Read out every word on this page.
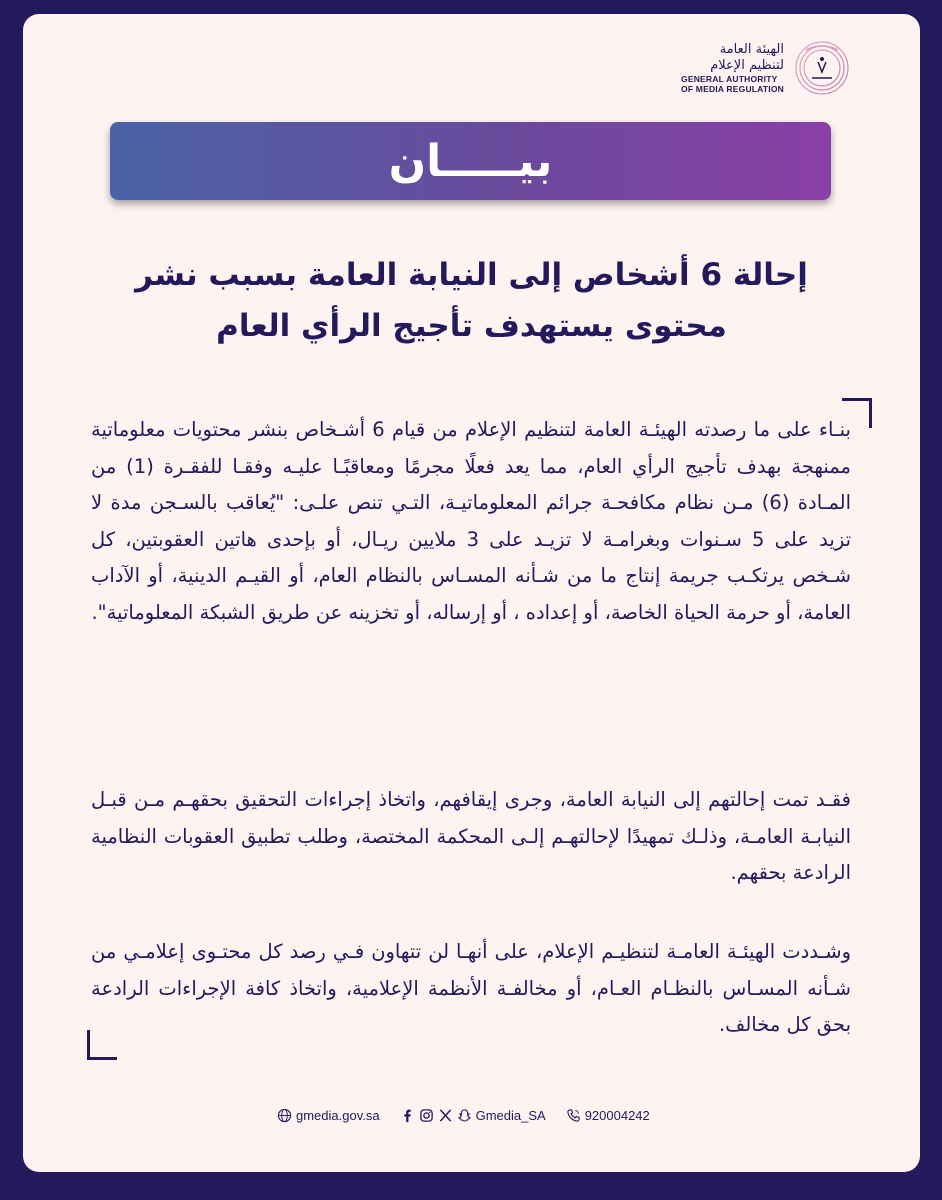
الهيئة العامة
لتنظيم الإعلام
GENERAL AUTHORITY
OF MEDIA REGULATION
بيـــــان
إحالة 6 أشخاص إلى النيابة العامة بسبب نشر
محتوى يستهدف تأجيج الرأي العام

بنـاء على ما رصدته الهيئـة العامة لتنظيم الإعلام من قيام 6 أشـخاص بنشر محتويات معلوماتية ممنهجة بهدف تأجيج الرأي العام، مما يعد فعلًا مجرمًا ومعاقبًـا عليـه وفقـا للفقـرة (1) من المـادة (6) مـن نظام مكافحـة جرائم المعلوماتيـة، التـي تنص علـى: "يُعاقب بالسـجن مدة لا تزيد على 5 سـنوات وبغرامـة لا تزيـد على 3 ملايين ريـال، أو بإحدى هاتين العقوبتين، كل شـخص يرتكـب جريمة إنتاج ما من شـأنه المسـاس بالنظام العام، أو القيـم الدينية، أو الآداب العامة، أو حرمة الحياة الخاصة، أو إعداده ، أو إرساله، أو تخزينه عن طريق الشبكة المعلوماتية".

فقـد تمت إحالتهم إلى النيابة العامة، وجرى إيقافهم، واتخاذ إجراءات التحقيق بحقهـم مـن قبـل النيابـة العامـة، وذلـك تمهيدًا لإحالتهـم إلـى المحكمة المختصة، وطلب تطبيق العقوبات النظامية الرادعة بحقهم.

وشـددت الهيئـة العامـة لتنظيـم الإعلام، على أنهـا لن تتهاون فـي رصد كل محتـوى إعلامـي من شـأنه المسـاس بالنظـام العـام، أو مخالفـة الأنظمة الإعلامية، واتخاذ كافة الإجراءات الرادعة بحق كل مخالف.

gmedia.gov.sa	Gmedia_SA	920004242
